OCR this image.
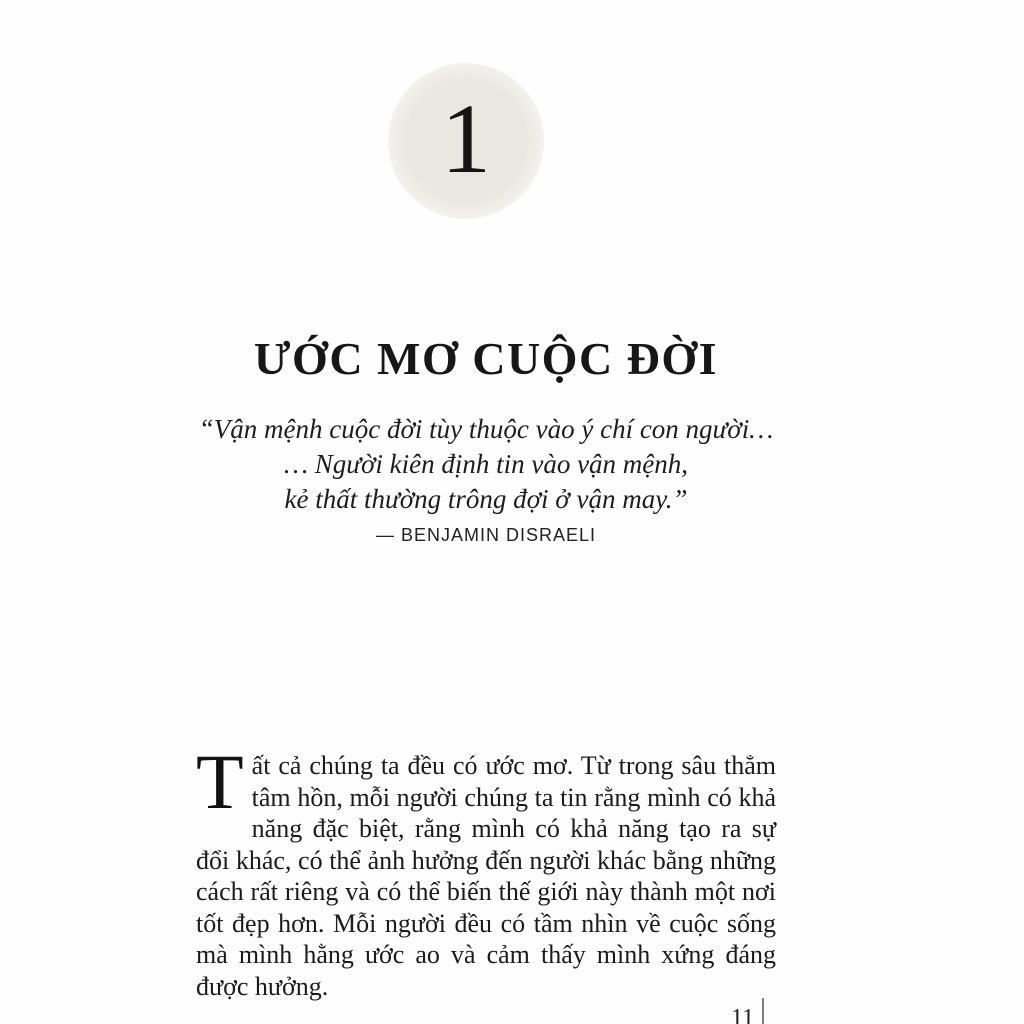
1
ƯỚC MƠ CUỘC ĐỜI
“Vận mệnh cuộc đời tùy thuộc vào ý chí con người…
… Người kiên định tin vào vận mệnh,
kẻ thất thường trông đợi ở vận may.”
— BENJAMIN DISRAELI

Tất cả chúng ta đều có ước mơ. Từ trong sâu thẳm tâm hồn, mỗi người chúng ta tin rằng mình có khả năng đặc biệt, rằng mình có khả năng tạo ra sự đổi khác, có thể ảnh hưởng đến người khác bằng những cách rất riêng và có thể biến thế giới này thành một nơi tốt đẹp hơn. Mỗi người đều có tầm nhìn về cuộc sống mà mình hằng ước ao và cảm thấy mình xứng đáng được hưởng.

11
